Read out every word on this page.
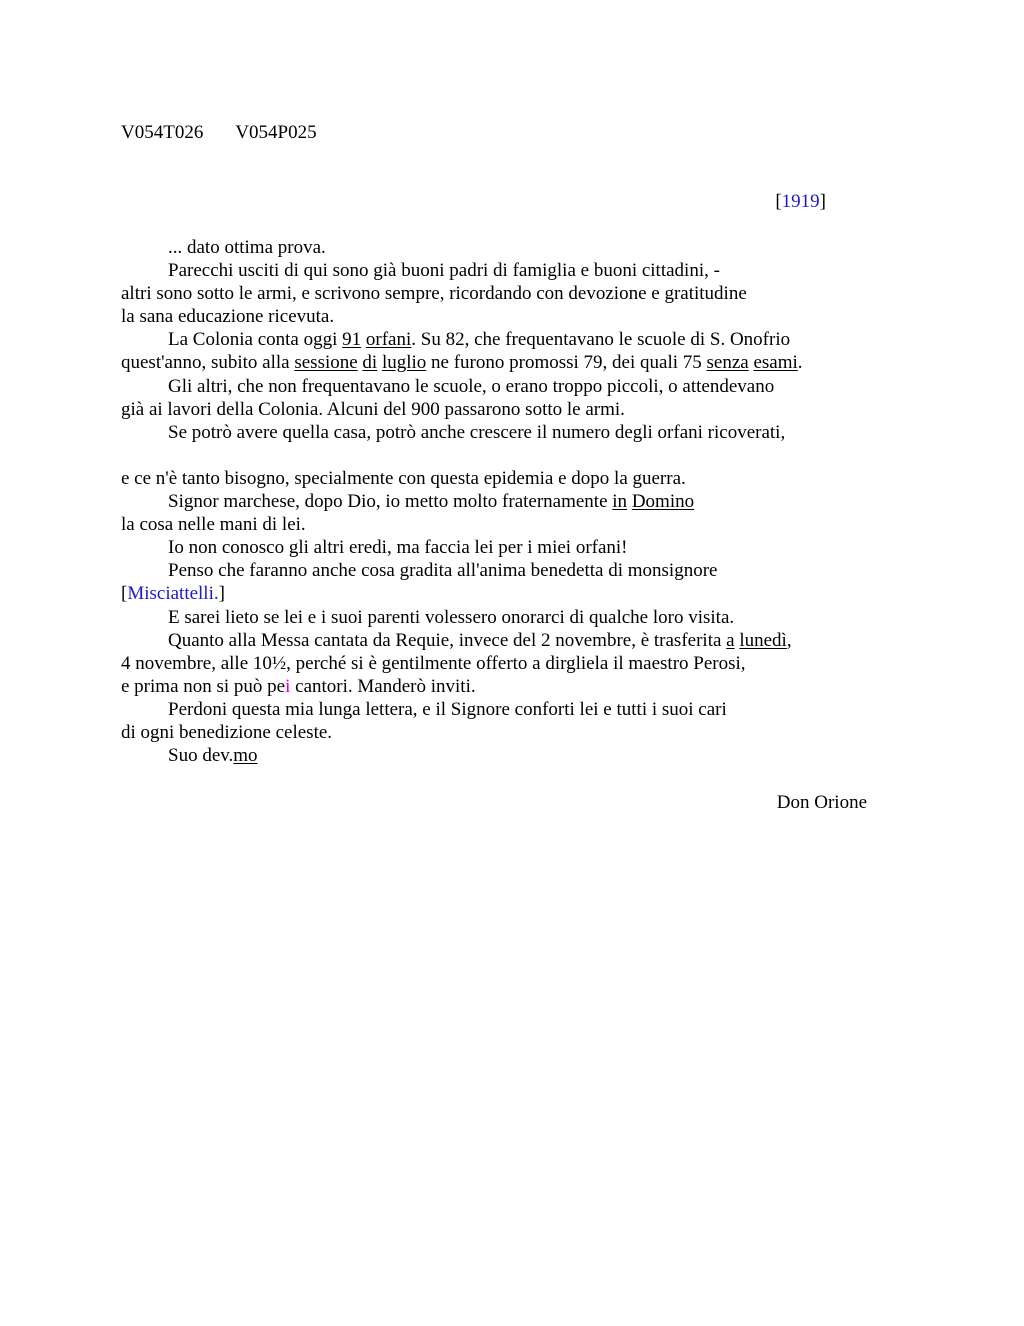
V054T026 V054P025
[1919]
... dato ottima prova.
Parecchi usciti di qui sono già buoni padri di famiglia e buoni cittadini, -
altri sono sotto le armi, e scrivono sempre, ricordando con devozione e gratitudine
la sana educazione ricevuta.
La Colonia conta oggi 91 orfani. Su 82, che frequentavano le scuole di S. Onofrio
quest'anno, subito alla sessione di luglio ne furono promossi 79, dei quali 75 senza esami.
Gli altri, che non frequentavano le scuole, o erano troppo piccoli, o attendevano
già ai lavori della Colonia. Alcuni del 900 passarono sotto le armi.
Se potrò avere quella casa, potrò anche crescere il numero degli orfani ricoverati,
e ce n'è tanto bisogno, specialmente con questa epidemia e dopo la guerra.
Signor marchese, dopo Dio, io metto molto fraternamente in Domino
la cosa nelle mani di lei.
Io non conosco gli altri eredi, ma faccia lei per i miei orfani!
Penso che faranno anche cosa gradita all'anima benedetta di monsignore
[Misciattelli.]
E sarei lieto se lei e i suoi parenti volessero onorarci di qualche loro visita.
Quanto alla Messa cantata da Requie, invece del 2 novembre, è trasferita a lunedì,
4 novembre, alle 10½, perché si è gentilmente offerto a dirgliela il maestro Perosi,
e prima non si può pei cantori. Manderò inviti.
Perdoni questa mia lunga lettera, e il Signore conforti lei e tutti i suoi cari
di ogni benedizione celeste.
Suo dev.mo
Don Orione
